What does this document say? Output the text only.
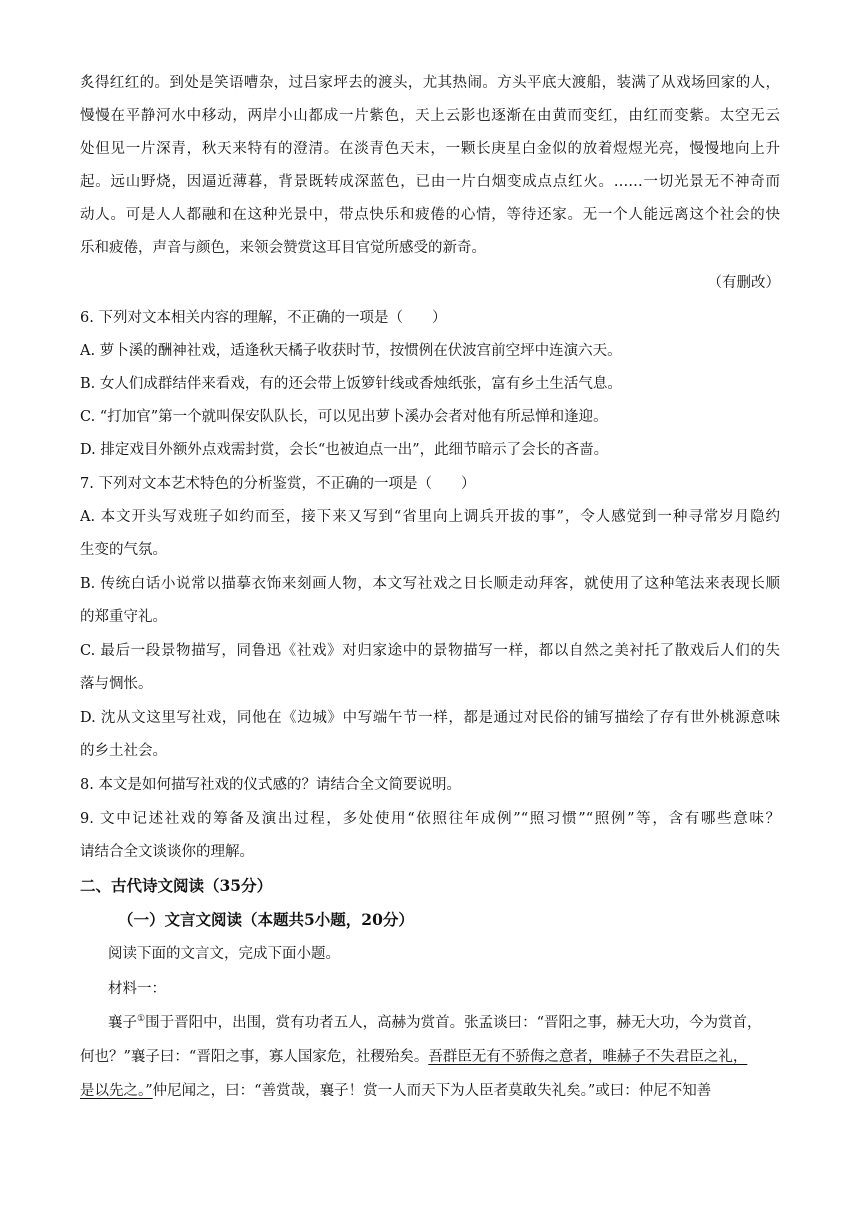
炙得红红的。到处是笑语嘈杂，过吕家坪去的渡头，尤其热闹。方头平底大渡船，装满了从戏场回家的人，
慢慢在平静河水中移动，两岸小山都成一片紫色，天上云影也逐渐在由黄而变红，由红而变紫。太空无云
处但见一片深青，秋天来特有的澄清。在淡青色天末，一颗长庚星白金似的放着煜煜光亮，慢慢地向上升
起。远山野烧，因逼近薄暮，背景既转成深蓝色，已由一片白烟变成点点红火。……一切光景无不神奇而
动人。可是人人都融和在这种光景中，带点快乐和疲倦的心情，等待还家。无一个人能远离这个社会的快
乐和疲倦，声音与颜色，来领会赞赏这耳目官觉所感受的新奇。
（有删改）
6. 下列对文本相关内容的理解，不正确的一项是（　　）
A. 萝卜溪的酬神社戏，适逢秋天橘子收获时节，按惯例在伏波宫前空坪中连演六天。
B. 女人们成群结伴来看戏，有的还会带上饭箩针线或香烛纸张，富有乡土生活气息。
C. “打加官”第一个就叫保安队队长，可以见出萝卜溪办会者对他有所忌惮和逢迎。
D. 排定戏目外额外点戏需封赏，会长“也被迫点一出”，此细节暗示了会长的吝啬。
7. 下列对文本艺术特色的分析鉴赏，不正确的一项是（　　）
A. 本文开头写戏班子如约而至，接下来又写到“省里向上调兵开拔的事”，令人感觉到一种寻常岁月隐约
生变的气氛。
B. 传统白话小说常以描摹衣饰来刻画人物，本文写社戏之日长顺走动拜客，就使用了这种笔法来表现长顺
的郑重守礼。
C. 最后一段景物描写，同鲁迅《社戏》对归家途中的景物描写一样，都以自然之美衬托了散戏后人们的失
落与惆怅。
D. 沈从文这里写社戏，同他在《边城》中写端午节一样，都是通过对民俗的铺写描绘了存有世外桃源意味
的乡土社会。
8. 本文是如何描写社戏的仪式感的？请结合全文简要说明。
9. 文中记述社戏的筹备及演出过程，多处使用“依照往年成例”“照习惯”“照例”等，含有哪些意味？
请结合全文谈谈你的理解。
二、古代诗文阅读（35分）
（一）文言文阅读（本题共5小题，20分）
阅读下面的文言文，完成下面小题。
材料一：
襄子①围于晋阳中，出围，赏有功者五人，高赫为赏首。张孟谈曰：“晋阳之事，赫无大功，今为赏首，
何也？”襄子曰：“晋阳之事，寡人国家危，社稷殆矣。吾群臣无有不骄侮之意者，唯赫子不失君臣之礼，
是以先之。”仲尼闻之，曰：“善赏哉，襄子！赏一人而天下为人臣者莫敢失礼矣。”或曰：仲尼不知善
